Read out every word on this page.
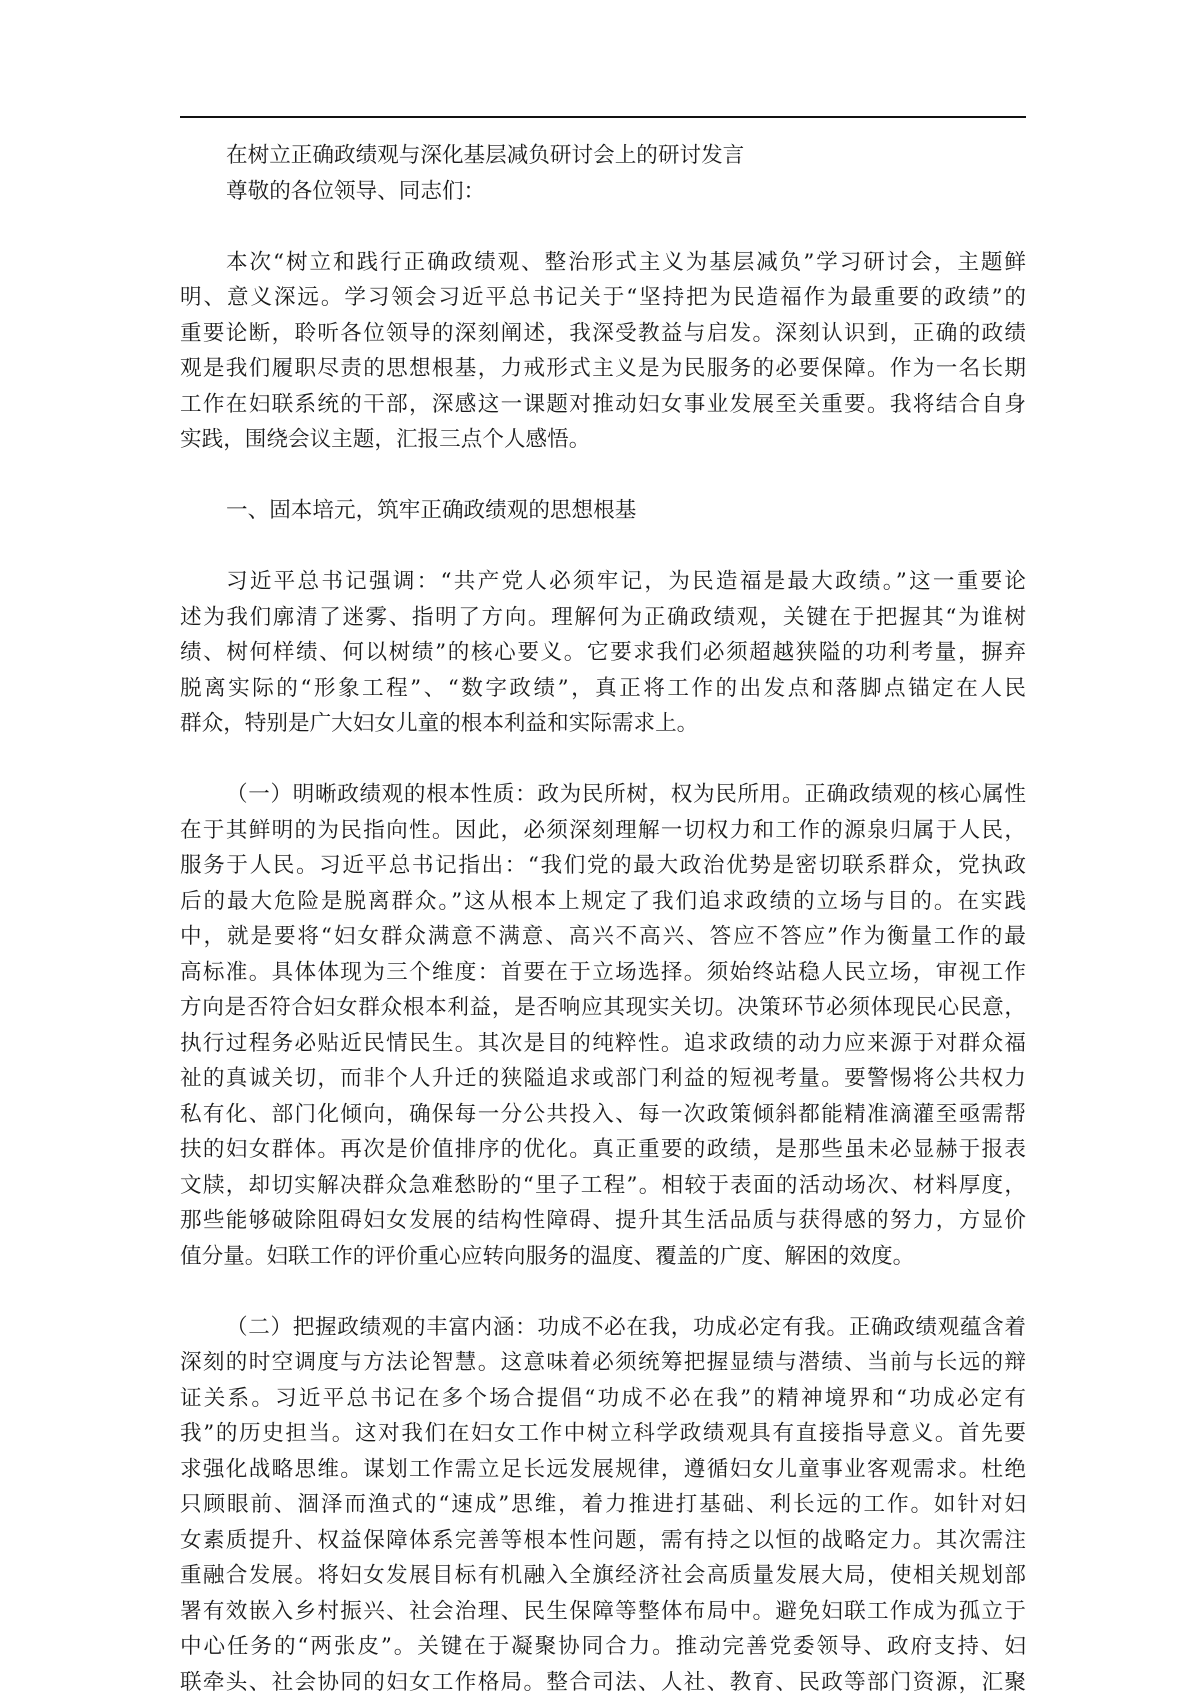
在树立正确政绩观与深化基层减负研讨会上的研讨发言
尊敬的各位领导、同志们：
本次“树立和践行正确政绩观、整治形式主义为基层减负”学习研讨会，主题鲜
明、意义深远。学习领会习近平总书记关于“坚持把为民造福作为最重要的政绩”的
重要论断，聆听各位领导的深刻阐述，我深受教益与启发。深刻认识到，正确的政绩
观是我们履职尽责的思想根基，力戒形式主义是为民服务的必要保障。作为一名长期
工作在妇联系统的干部，深感这一课题对推动妇女事业发展至关重要。我将结合自身
实践，围绕会议主题，汇报三点个人感悟。
一、固本培元，筑牢正确政绩观的思想根基
习近平总书记强调：“共产党人必须牢记，为民造福是最大政绩。”这一重要论
述为我们廓清了迷雾、指明了方向。理解何为正确政绩观，关键在于把握其“为谁树
绩、树何样绩、何以树绩”的核心要义。它要求我们必须超越狭隘的功利考量，摒弃
脱离实际的“形象工程”、“数字政绩”，真正将工作的出发点和落脚点锚定在人民
群众，特别是广大妇女儿童的根本利益和实际需求上。
（一）明晰政绩观的根本性质：政为民所树，权为民所用。正确政绩观的核心属性
在于其鲜明的为民指向性。因此，必须深刻理解一切权力和工作的源泉归属于人民，
服务于人民。习近平总书记指出：“我们党的最大政治优势是密切联系群众，党执政
后的最大危险是脱离群众。”这从根本上规定了我们追求政绩的立场与目的。在实践
中，就是要将“妇女群众满意不满意、高兴不高兴、答应不答应”作为衡量工作的最
高标准。具体体现为三个维度：首要在于立场选择。须始终站稳人民立场，审视工作
方向是否符合妇女群众根本利益，是否响应其现实关切。决策环节必须体现民心民意，
执行过程务必贴近民情民生。其次是目的纯粹性。追求政绩的动力应来源于对群众福
祉的真诚关切，而非个人升迁的狭隘追求或部门利益的短视考量。要警惕将公共权力
私有化、部门化倾向，确保每一分公共投入、每一次政策倾斜都能精准滴灌至亟需帮
扶的妇女群体。再次是价值排序的优化。真正重要的政绩，是那些虽未必显赫于报表
文牍，却切实解决群众急难愁盼的“里子工程”。相较于表面的活动场次、材料厚度，
那些能够破除阻碍妇女发展的结构性障碍、提升其生活品质与获得感的努力，方显价
值分量。妇联工作的评价重心应转向服务的温度、覆盖的广度、解困的效度。
（二）把握政绩观的丰富内涵：功成不必在我，功成必定有我。正确政绩观蕴含着
深刻的时空调度与方法论智慧。这意味着必须统筹把握显绩与潜绩、当前与长远的辩
证关系。习近平总书记在多个场合提倡“功成不必在我”的精神境界和“功成必定有
我”的历史担当。这对我们在妇女工作中树立科学政绩观具有直接指导意义。首先要
求强化战略思维。谋划工作需立足长远发展规律，遵循妇女儿童事业客观需求。杜绝
只顾眼前、涸泽而渔式的“速成”思维，着力推进打基础、利长远的工作。如针对妇
女素质提升、权益保障体系完善等根本性问题，需有持之以恒的战略定力。其次需注
重融合发展。将妇女发展目标有机融入全旗经济社会高质量发展大局，使相关规划部
署有效嵌入乡村振兴、社会治理、民生保障等整体布局中。避免妇联工作成为孤立于
中心任务的“两张皮”。关键在于凝聚协同合力。推动完善党委领导、政府支持、妇
联牵头、社会协同的妇女工作格局。整合司法、人社、教育、民政等部门资源，汇聚
